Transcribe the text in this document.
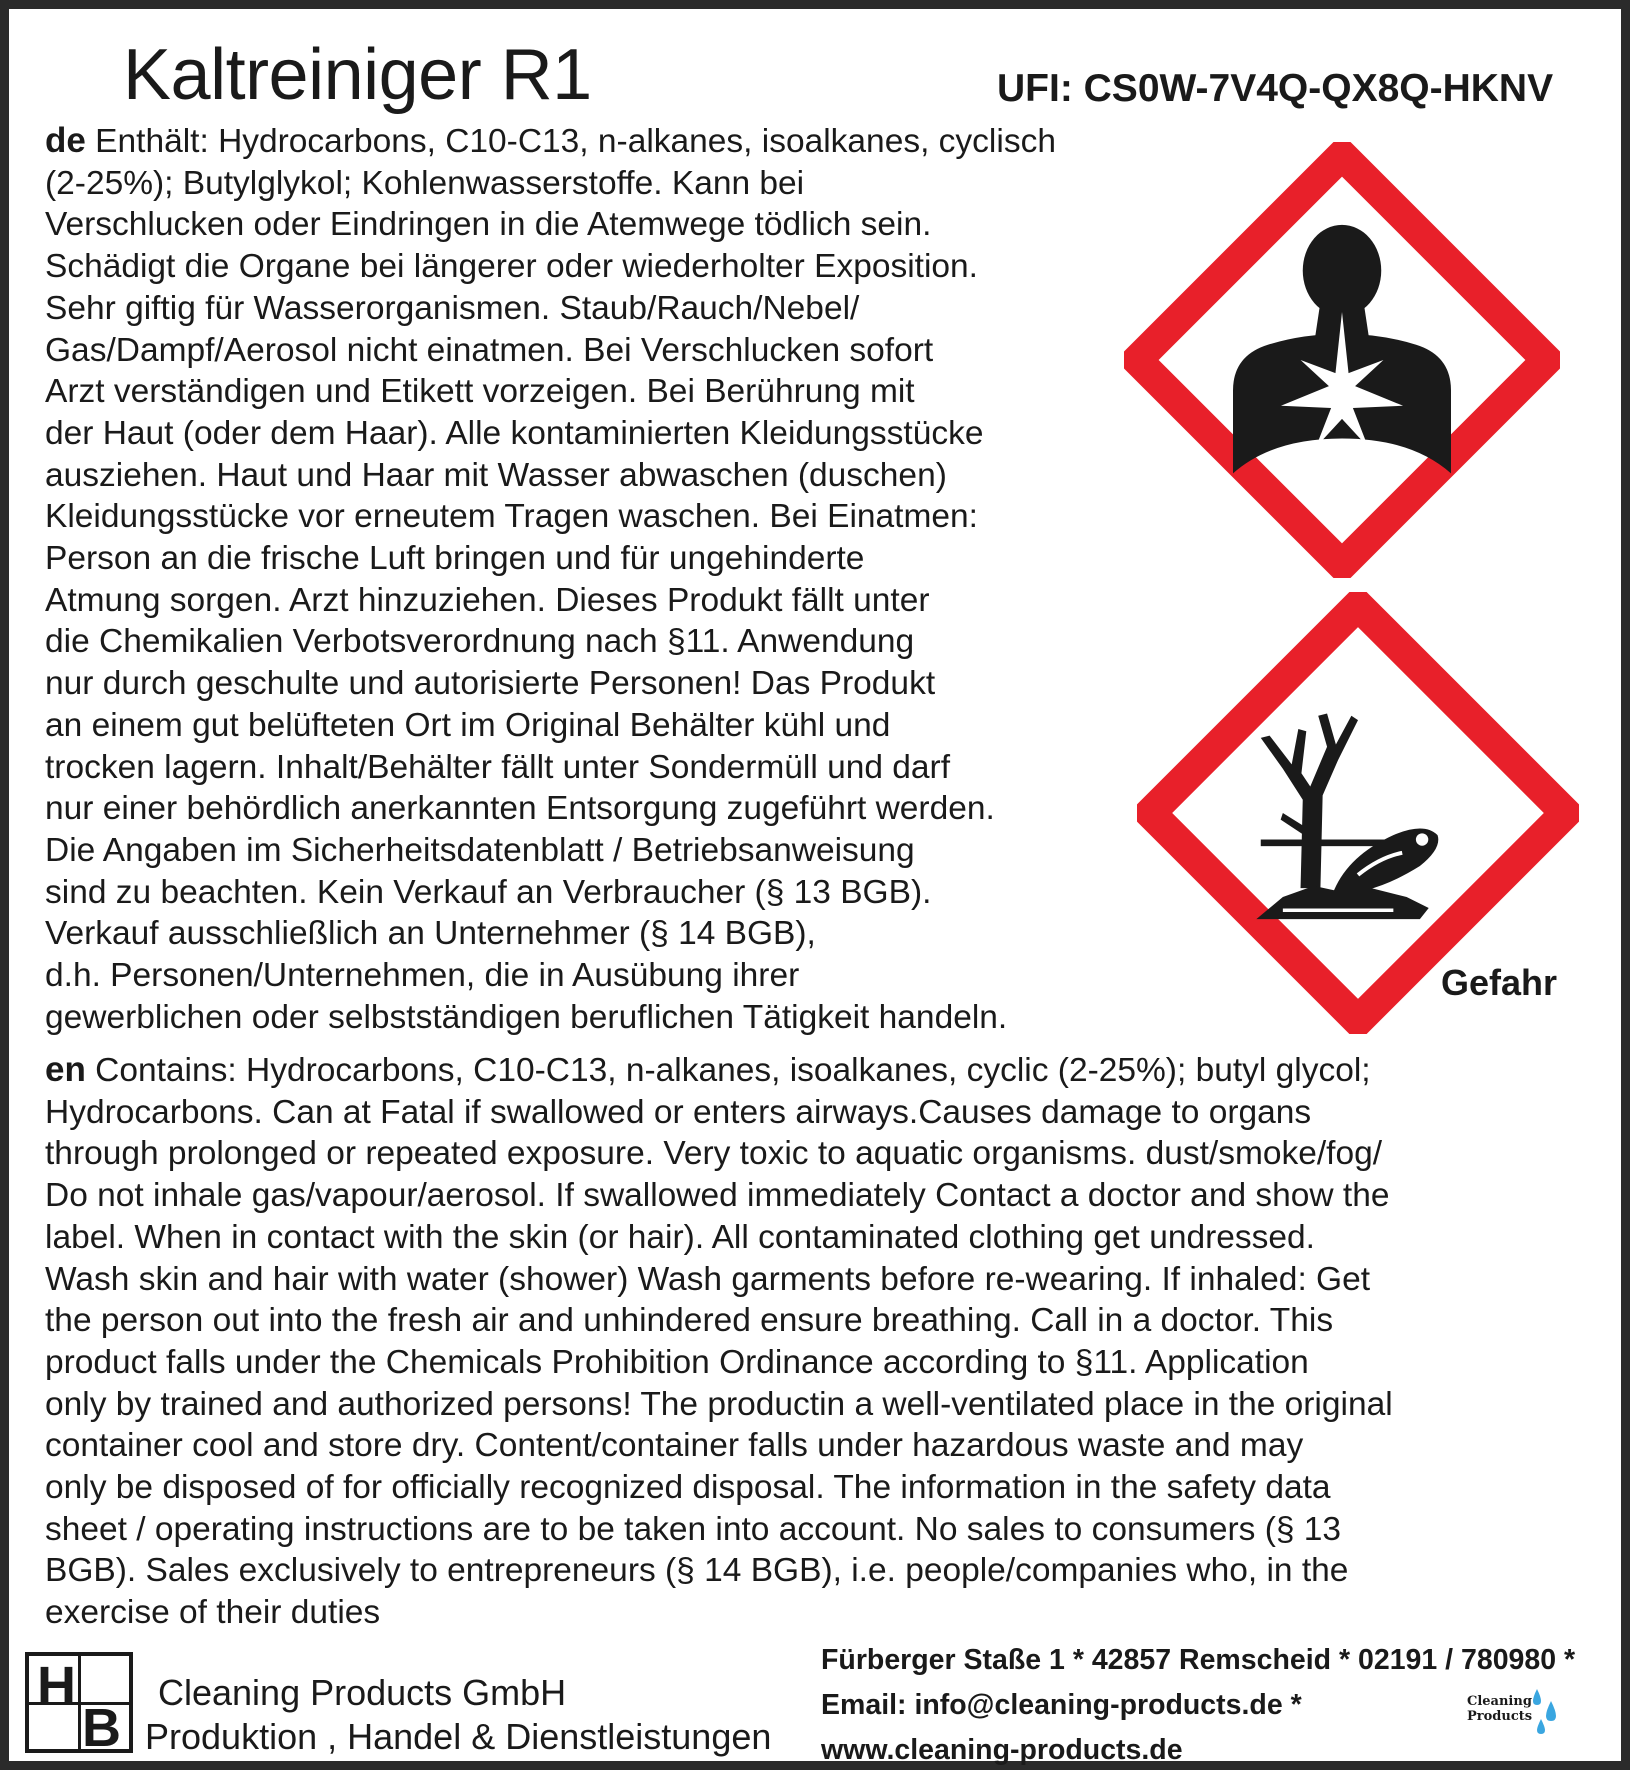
Kaltreiniger R1	UFI: CS0W-7V4Q-QX8Q-HKNV
de Enthält: Hydrocarbons, C10-C13, n-alkanes, isoalkanes, cyclisch
(2-25%); Butylglykol; Kohlenwasserstoffe. Kann bei
Verschlucken oder Eindringen in die Atemwege tödlich sein.
Schädigt die Organe bei längerer oder wiederholter Exposition.
Sehr giftig für Wasserorganismen. Staub/Rauch/Nebel/
Gas/Dampf/Aerosol nicht einatmen. Bei Verschlucken sofort
Arzt verständigen und Etikett vorzeigen. Bei Berührung mit
der Haut (oder dem Haar). Alle kontaminierten Kleidungsstücke
ausziehen. Haut und Haar mit Wasser abwaschen (duschen)
Kleidungsstücke vor erneutem Tragen waschen. Bei Einatmen:
Person an die frische Luft bringen und für ungehinderte
Atmung sorgen. Arzt hinzuziehen. Dieses Produkt fällt unter
die Chemikalien Verbotsverordnung nach §11. Anwendung
nur durch geschulte und autorisierte Personen! Das Produkt
an einem gut belüfteten Ort im Original Behälter kühl und
trocken lagern. Inhalt/Behälter fällt unter Sondermüll und darf
nur einer behördlich anerkannten Entsorgung zugeführt werden.
Die Angaben im Sicherheitsdatenblatt / Betriebsanweisung
sind zu beachten. Kein Verkauf an Verbraucher (§ 13 BGB).
Verkauf ausschließlich an Unternehmer (§ 14 BGB),
d.h. Personen/Unternehmen, die in Ausübung ihrer
gewerblichen oder selbstständigen beruflichen Tätigkeit handeln.
Gefahr
en Contains: Hydrocarbons, C10-C13, n-alkanes, isoalkanes, cyclic (2-25%); butyl glycol;
Hydrocarbons. Can at Fatal if swallowed or enters airways.Causes damage to organs
through prolonged or repeated exposure. Very toxic to aquatic organisms. dust/smoke/fog/
Do not inhale gas/vapour/aerosol. If swallowed immediately Contact a doctor and show the
label. When in contact with the skin (or hair). All contaminated clothing get undressed.
Wash skin and hair with water (shower) Wash garments before re-wearing. If inhaled: Get
the person out into the fresh air and unhindered ensure breathing. Call in a doctor. This
product falls under the Chemicals Prohibition Ordinance according to §11. Application
only by trained and authorized persons! The productin a well-ventilated place in the original
container cool and store dry. Content/container falls under hazardous waste and may
only be disposed of for officially recognized disposal. The information in the safety data
sheet / operating instructions are to be taken into account. No sales to consumers (§ 13
BGB). Sales exclusively to entrepreneurs (§ 14 BGB), i.e. people/companies who, in the
exercise of their duties
H
B
Cleaning Products GmbH
Produktion , Handel & Dienstleistungen
Fürberger Staße 1 * 42857 Remscheid * 02191 / 780980 *
Email: info@cleaning-products.de *
www.cleaning-products.de
Cleaning
Products
